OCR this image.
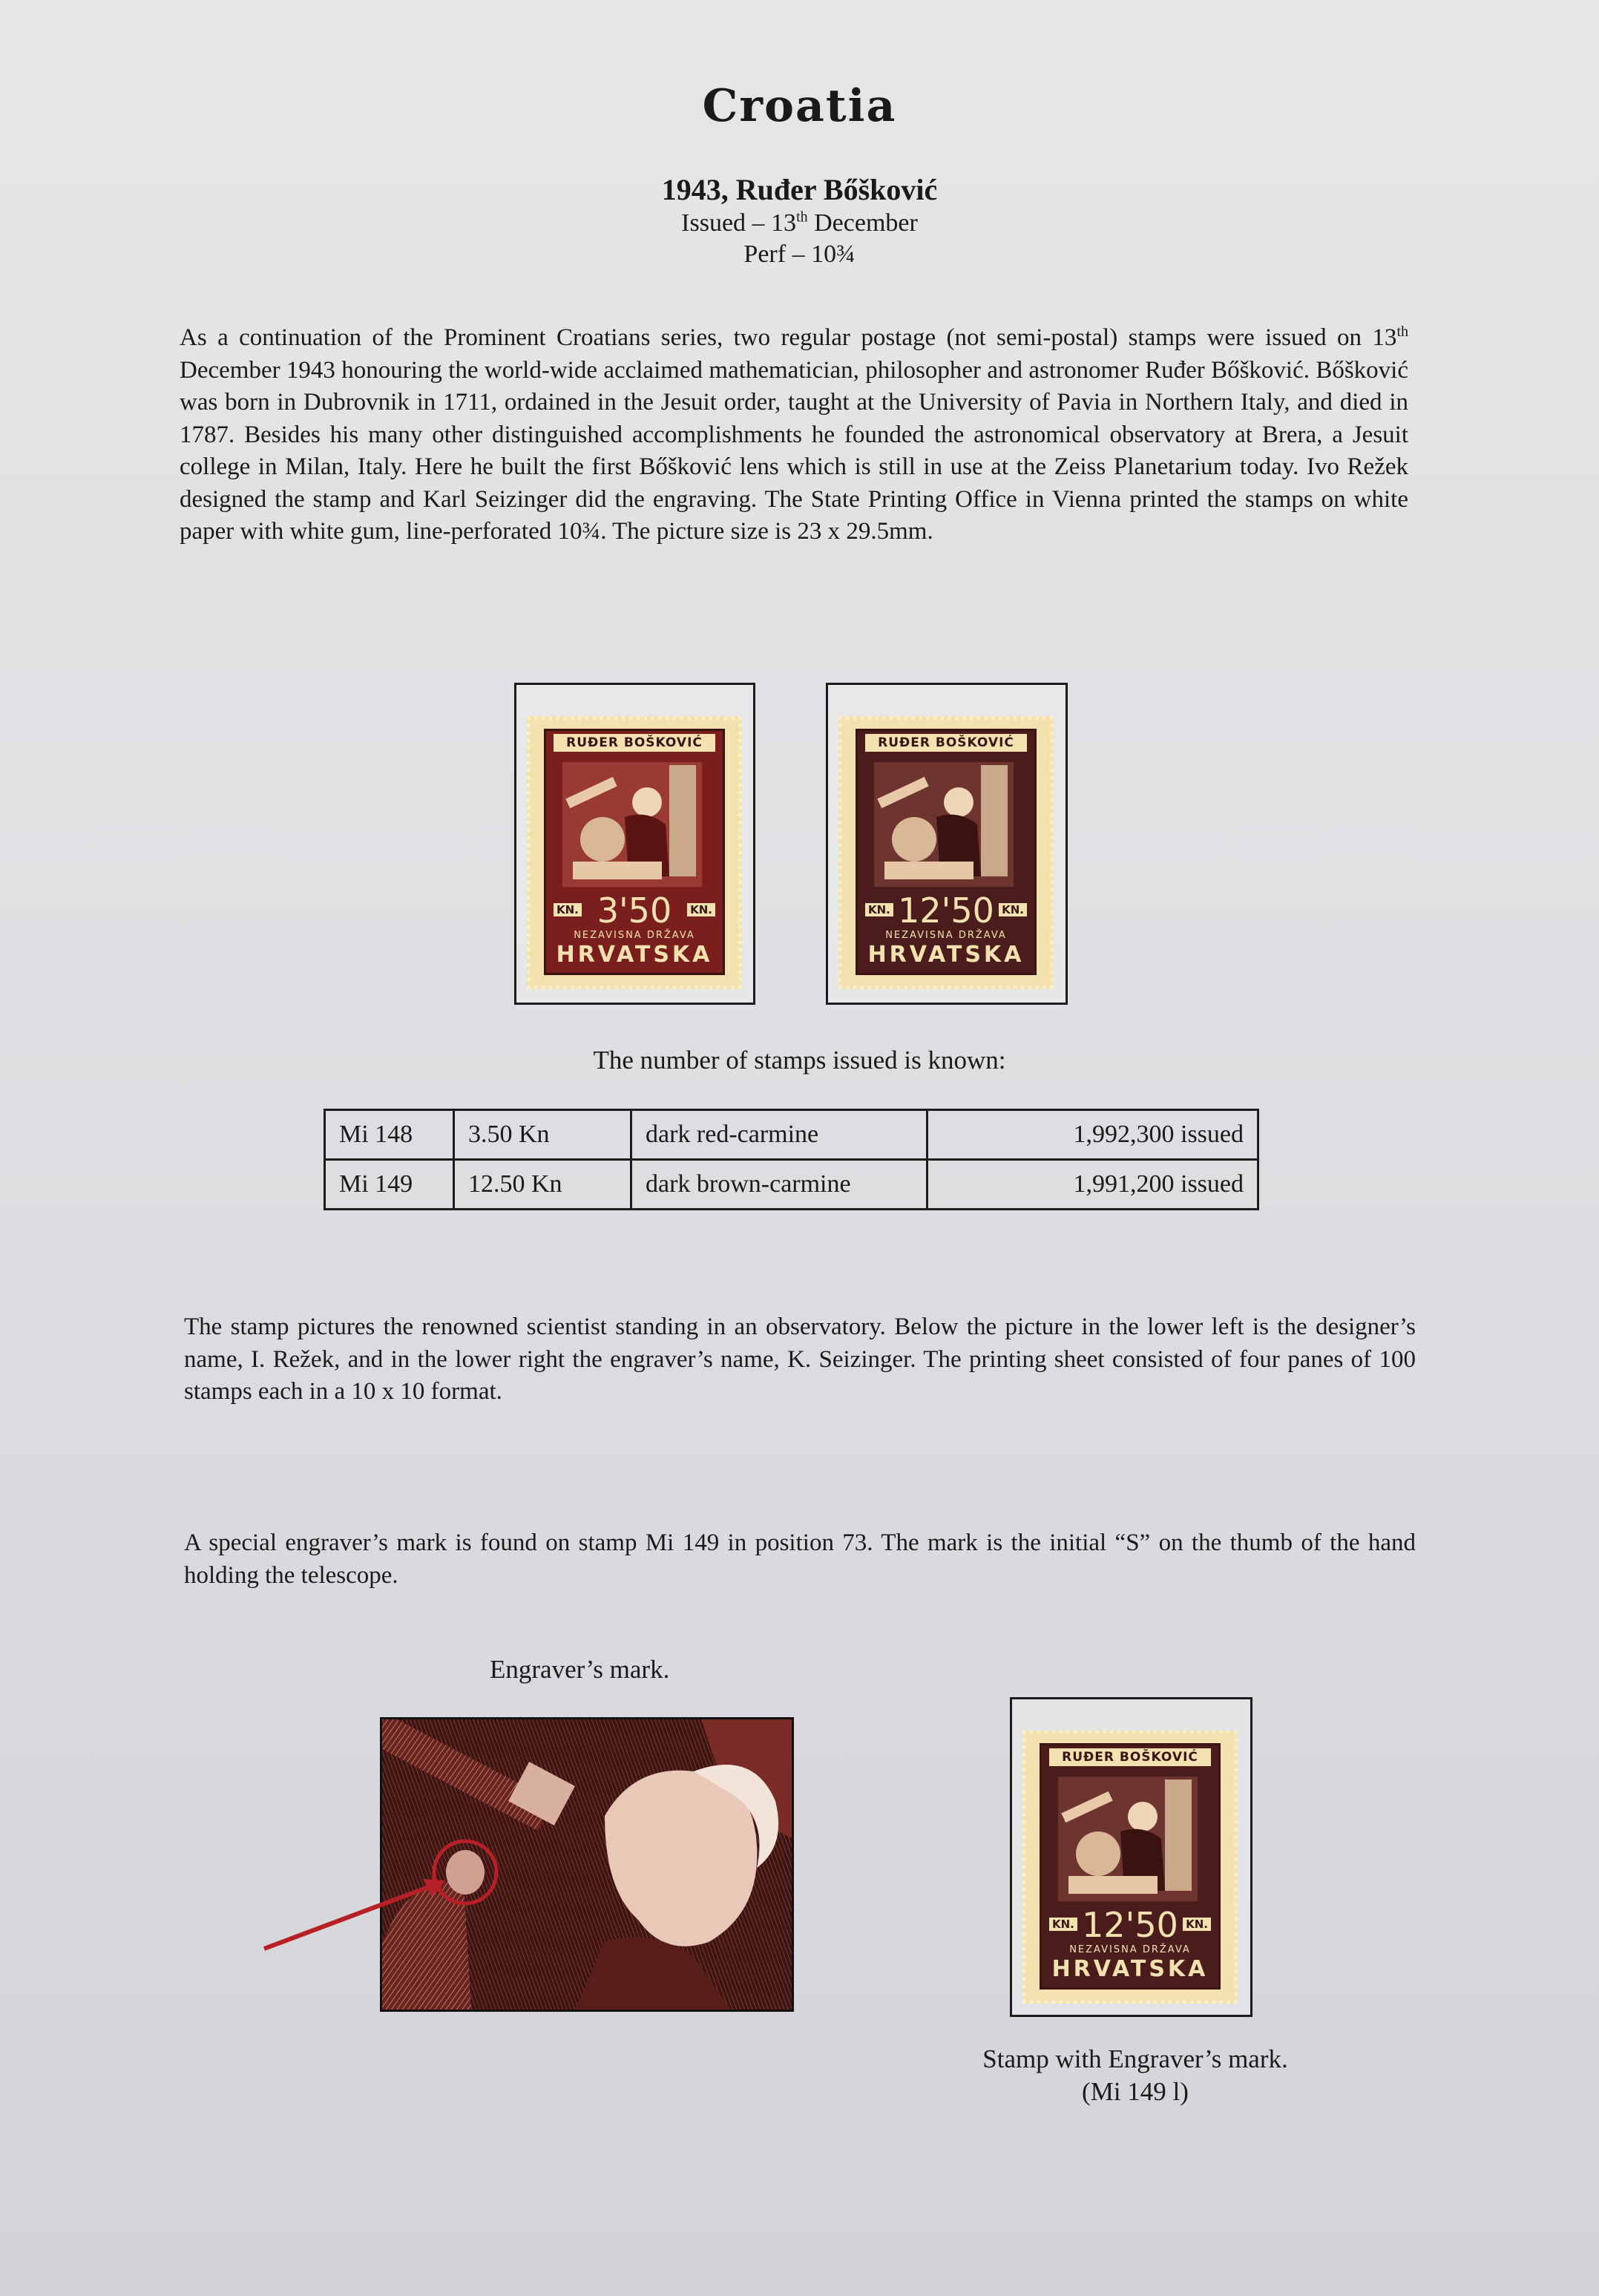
Croatia
1943, Ruđer Bőšković
Issued – 13th December
Perf – 10¾
As a continuation of the Prominent Croatians series, two regular postage (not semi-postal) stamps were issued on 13th December 1943 honouring the world-wide acclaimed mathematician, philosopher and astronomer Ruđer Bőšković. Bőšković was born in Dubrovnik in 1711, ordained in the Jesuit order, taught at the University of Pavia in Northern Italy, and died in 1787. Besides his many other distinguished accomplishments he founded the astronomical observatory at Brera, a Jesuit college in Milan, Italy. Here he built the first Bőšković lens which is still in use at the Zeiss Planetarium today. Ivo Režek designed the stamp and Karl Seizinger did the engraving. The State Printing Office in Vienna printed the stamps on white paper with white gum, line-perforated 10¾. The picture size is 23 x 29.5mm.
RUĐER BOŠKOVIĆ
KN. 3'50	KN.
NEZAVISNA DRŽAVA
HRVATSKA
RUĐER BOŠKOVIĆ
KN. 12'50 KN.
NEZAVISNA DRŽAVA
HRVATSKA
The number of stamps issued is known:
Mi 148	3.50 Kn	dark red-carmine	1,992,300 issued
Mi 149	12.50 Kn	dark brown-carmine	1,991,200 issued
The stamp pictures the renowned scientist standing in an observatory. Below the picture in the lower left is the designer’s name, I. Režek, and in the lower right the engraver’s name, K. Seizinger. The printing sheet consisted of four panes of 100 stamps each in a 10 x 10 format.
A special engraver’s mark is found on stamp Mi 149 in position 73. The mark is the initial “S” on the thumb of the hand holding the telescope.
Engraver’s mark.
RUĐER BOŠKOVIĆ
KN. 12'50 KN.
NEZAVISNA DRŽAVA
HRVATSKA
Stamp with Engraver’s mark.
(Mi 149 l)
